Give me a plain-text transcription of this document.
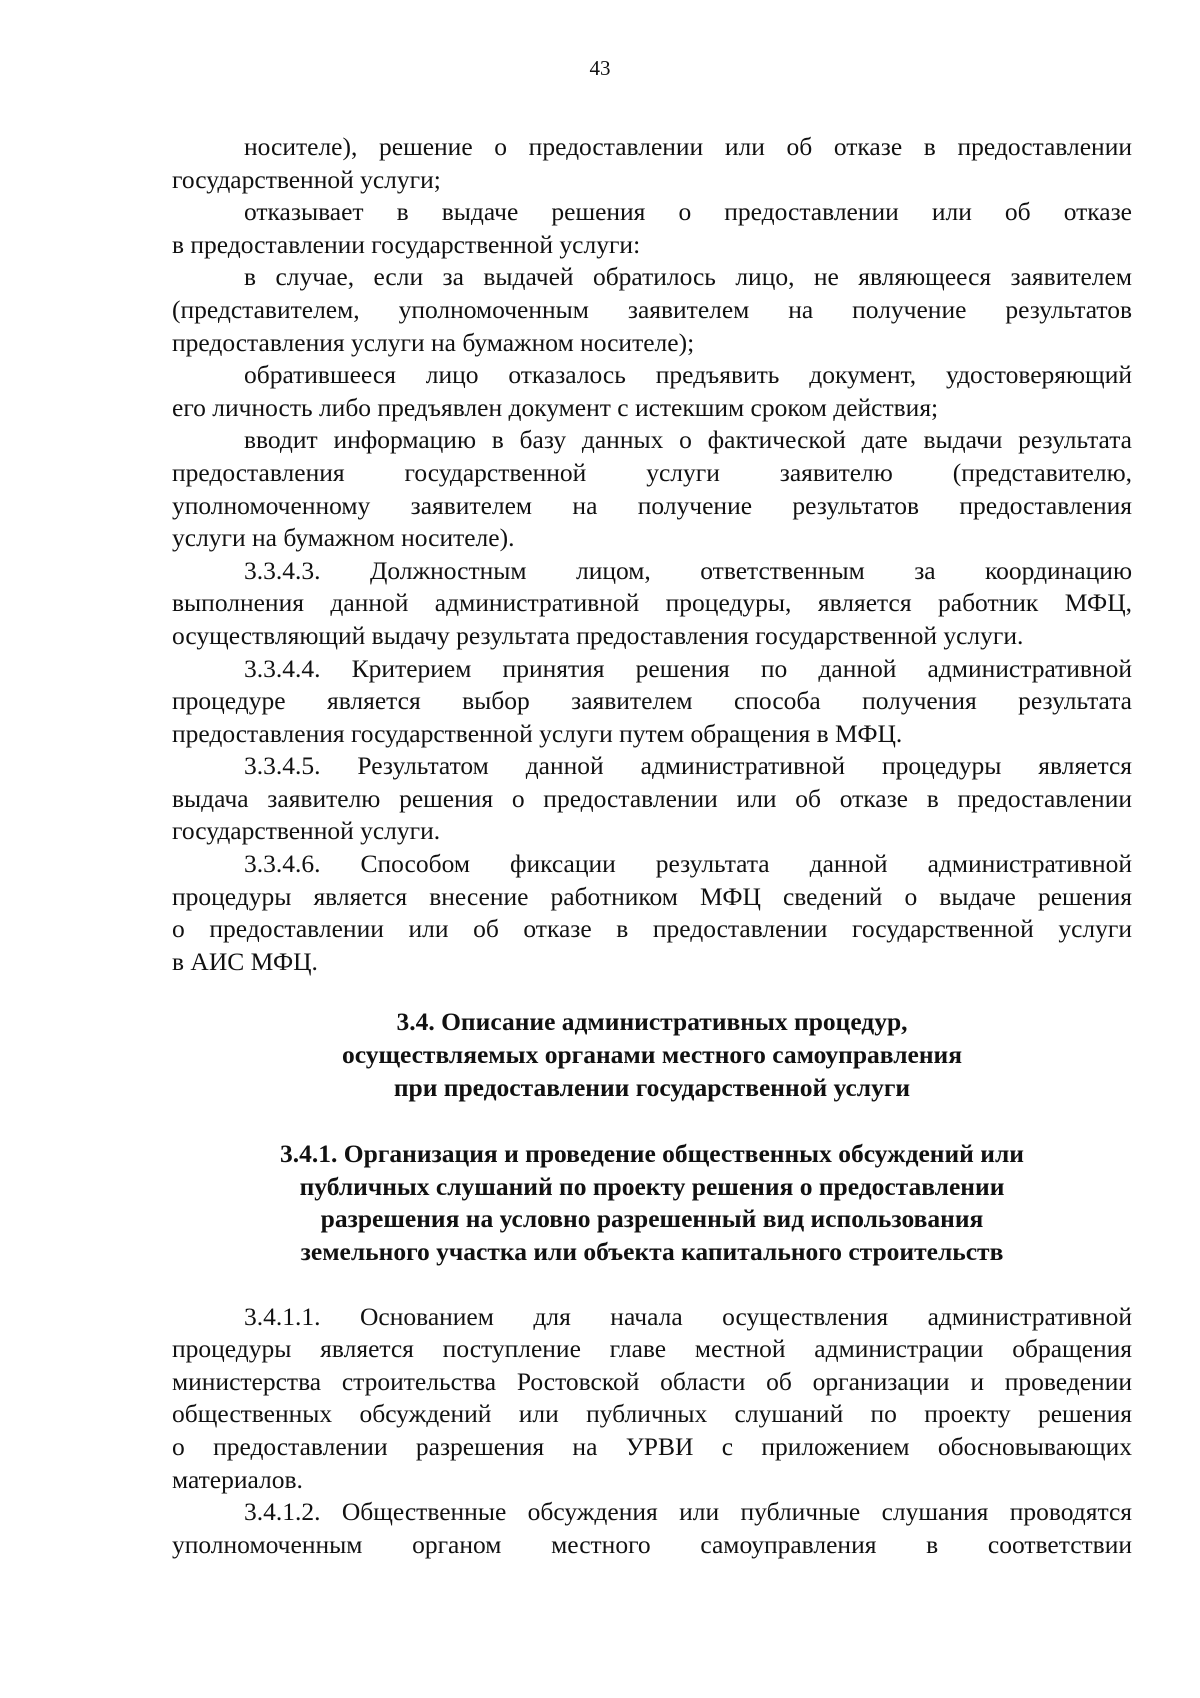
43
носителе), решение о предоставлении или об отказе в предоставлении
государственной услуги;
отказывает в выдаче решения о предоставлении или об отказе
в предоставлении государственной услуги:
в случае, если за выдачей обратилось лицо, не являющееся заявителем
(представителем, уполномоченным заявителем на получение результатов
предоставления услуги на бумажном носителе);
обратившееся лицо отказалось предъявить документ, удостоверяющий
его личность либо предъявлен документ с истекшим сроком действия;
вводит информацию в базу данных о фактической дате выдачи результата
предоставления государственной услуги заявителю (представителю,
уполномоченному заявителем на получение результатов предоставления
услуги на бумажном носителе).
3.3.4.3. Должностным лицом, ответственным за координацию
выполнения данной административной процедуры, является работник МФЦ,
осуществляющий выдачу результата предоставления государственной услуги.
3.3.4.4. Критерием принятия решения по данной административной
процедуре является выбор заявителем способа получения результата
предоставления государственной услуги путем обращения в МФЦ.
3.3.4.5. Результатом данной административной процедуры является
выдача заявителю решения о предоставлении или об отказе в предоставлении
государственной услуги.
3.3.4.6. Способом фиксации результата данной административной
процедуры является внесение работником МФЦ сведений о выдаче решения
о предоставлении или об отказе в предоставлении государственной услуги
в АИС МФЦ.
3.4. Описание административных процедур,
осуществляемых органами местного самоуправления
при предоставлении государственной услуги
3.4.1. Организация и проведение общественных обсуждений или
публичных слушаний по проекту решения о предоставлении
разрешения на условно разрешенный вид использования
земельного участка или объекта капитального строительств
3.4.1.1. Основанием для начала осуществления административной
процедуры является поступление главе местной администрации обращения
министерства строительства Ростовской области об организации и проведении
общественных обсуждений или публичных слушаний по проекту решения
о предоставлении разрешения на УРВИ с приложением обосновывающих
материалов.
3.4.1.2. Общественные обсуждения или публичные слушания проводятся
уполномоченным органом местного самоуправления в соответствии
